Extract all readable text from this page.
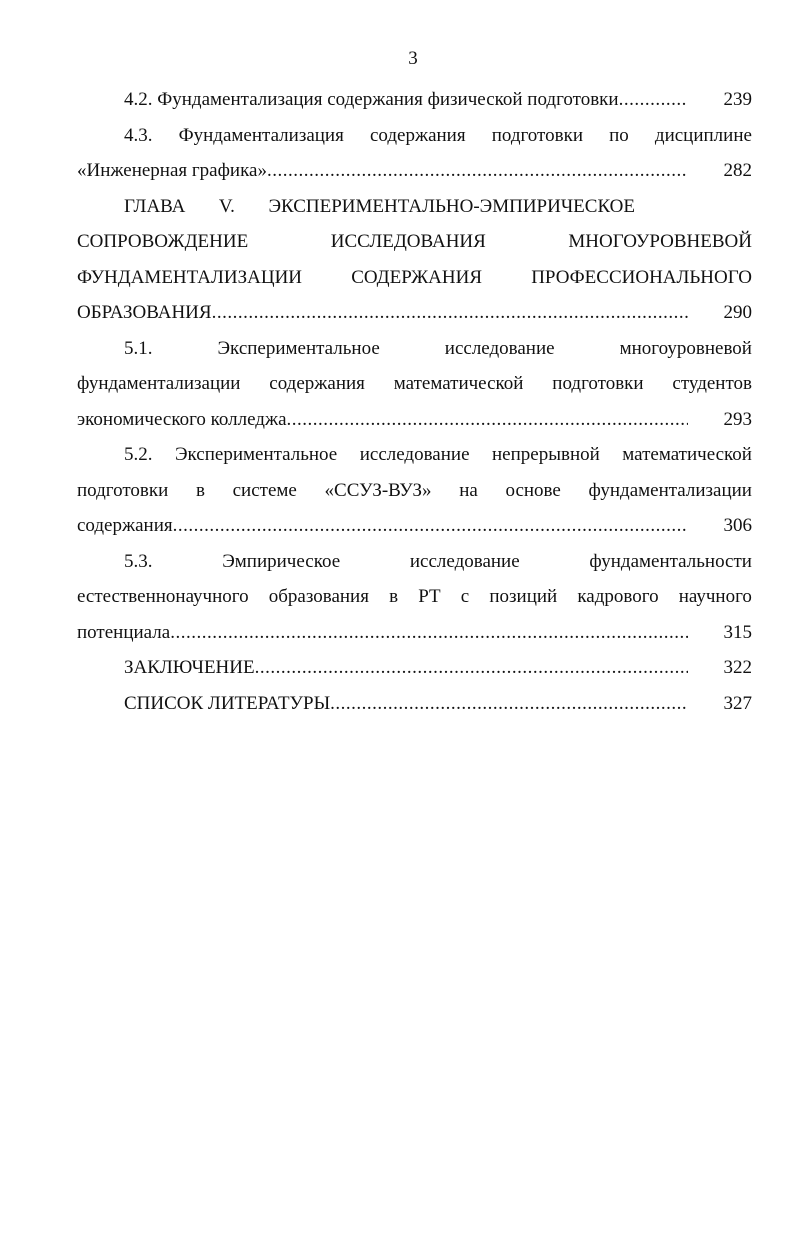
3
4.2. Фундаментализация содержания физической подготовки .....	239
4.3. Фундаментализация содержания подготовки по дисциплине
«Инженерная графика» .....	282
ГЛАВА V. ЭКСПЕРИМЕНТАЛЬНО-ЭМПИРИЧЕСКОЕ
СОПРОВОЖДЕНИЕ	ИССЛЕДОВАНИЯ	МНОГОУРОВНЕВОЙ
ФУНДАМЕНТАЛИЗАЦИИ	СОДЕРЖАНИЯ	ПРОФЕССИОНАЛЬНОГО
ОБРАЗОВАНИЯ .....	290
5.1.	Экспериментальное	исследование	многоуровневой
фундаментализации содержания математической подготовки студентов
экономического колледжа .....	293
5.2. Экспериментальное исследование непрерывной математической
подготовки в системе «ССУЗ-ВУЗ» на основе фундаментализации
содержания .....	306
5.3.	Эмпирическое	исследование	фундаментальности
естественнонаучного образования в РТ с позиций кадрового научного
потенциала .....	315
ЗАКЛЮЧЕНИЕ .....	322
СПИСОК ЛИТЕРАТУРЫ .....	327
